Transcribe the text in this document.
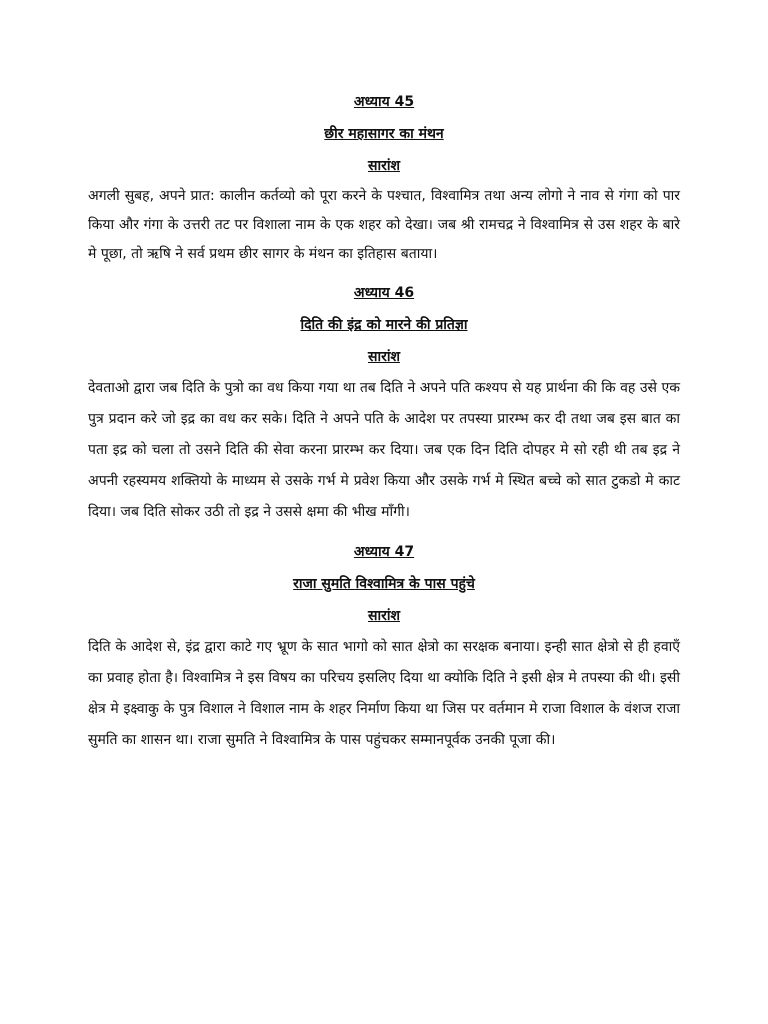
अध्याय 45
छीर महासागर का मंथन
सारांश

अगली सुबह, अपने प्रात: कालीन कर्तव्यो को पूरा करने के पश्चात, विश्वामित्र तथा अन्य लोगो ने नाव से गंगा को पार किया और गंगा के उत्तरी तट पर विशाला नाम के एक शहर को देखा। जब श्री रामचद्र ने विश्वामित्र से उस शहर के बारे मे पूछा, तो ऋषि ने सर्व प्रथम छीर सागर के मंथन का इतिहास बताया।

अध्याय 46
दिति की इंद्र को मारने की प्रतिज्ञा
सारांश

देवताओ द्वारा जब दिति के पुत्रो का वध किया गया था तब दिति ने अपने पति कश्यप से यह प्रार्थना की कि वह उसे एक पुत्र प्रदान करे जो इद्र का वध कर सके। दिति ने अपने पति के आदेश पर तपस्या प्रारम्भ कर दी तथा जब इस बात का पता इद्र को चला तो उसने दिति की सेवा करना प्रारम्भ कर दिया। जब एक दिन दिति दोपहर मे सो रही थी तब इद्र ने अपनी रहस्यमय शक्तियो के माध्यम से उसके गर्भ मे प्रवेश किया और उसके गर्भ मे स्थित बच्चे को सात टुकडो मे काट दिया। जब दिति सोकर उठी तो इद्र ने उससे क्षमा की भीख माँगी।

अध्याय 47
राजा सुमति विश्वामित्र के पास पहुंचे
सारांश

दिति के आदेश से, इंद्र द्वारा काटे गए भ्रूण के सात भागो को सात क्षेत्रो का सरक्षक बनाया। इन्ही सात क्षेत्रो से ही हवाएँ का प्रवाह होता है। विश्वामित्र ने इस विषय का परिचय इसलिए दिया था क्योकि दिति ने इसी क्षेत्र मे तपस्या की थी। इसी क्षेत्र मे इक्ष्वाकु के पुत्र विशाल ने विशाल नाम के शहर निर्माण किया था जिस पर वर्तमान मे राजा विशाल के वंशज राजा सुमति का शासन था। राजा सुमति ने विश्वामित्र के पास पहुंचकर सम्मानपूर्वक उनकी पूजा की।
